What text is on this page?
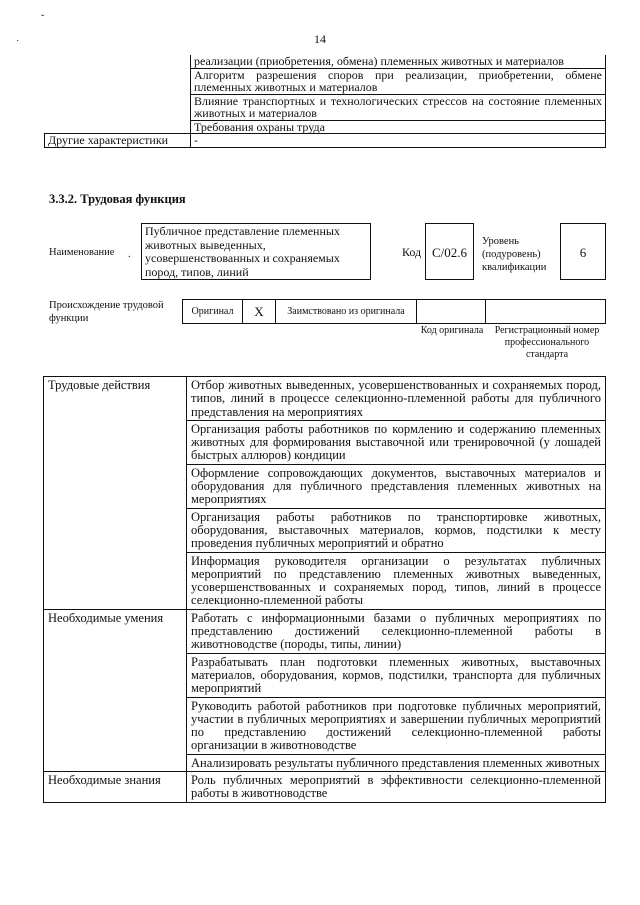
14
ˇ
˙
	реализации (приобретения, обмена) племенных животных и материалов
	Алгоритм разрешения споров при реализации, приобретении, обмене племенных животных и материалов
	Влияние транспортных и технологических стрессов на состояние племенных животных и материалов
	Требования охраны труда
Другие характеристики	-
3.3.2. Трудовая функция
Наименование .
Публичное представление племенных животных выведенных, усовершенствованных и сохраняемых пород, типов, линий
Код С/02.6
Уровень (подуровень) квалификации
6
Происхождение трудовой функции
Оригинал	X	Заимствовано из оригинала
Код оригинала	Регистрационный номер профессионального стандарта
Трудовые действия	Отбор животных выведенных, усовершенствованных и сохраняемых пород, типов, линий в процессе селекционно-племенной работы для публичного представления на мероприятиях
	Организация работы работников по кормлению и содержанию племенных животных для формирования выставочной или тренировочной (у лошадей быстрых аллюров) кондиции
	Оформление сопровождающих документов, выставочных материалов и оборудования для публичного представления племенных животных на мероприятиях
	Организация работы работников по транспортировке животных, оборудования, выставочных материалов, кормов, подстилки к месту проведения публичных мероприятий и обратно
	Информация руководителя организации о результатах публичных мероприятий по представлению племенных животных выведенных, усовершенствованных и сохраняемых пород, типов, линий в процессе селекционно-племенной работы
Необходимые умения	Работать с информационными базами о публичных мероприятиях по представлению достижений селекционно-племенной работы в животноводстве (породы, типы, линии)
	Разрабатывать план подготовки племенных животных, выставочных материалов, оборудования, кормов, подстилки, транспорта для публичных мероприятий
	Руководить работой работников при подготовке публичных мероприятий, участии в публичных мероприятиях и завершении публичных мероприятий по представлению достижений селекционно-племенной работы организации в животноводстве
	Анализировать результаты публичного представления племенных животных
Необходимые знания	Роль публичных мероприятий в эффективности селекционно-племенной работы в животноводстве
